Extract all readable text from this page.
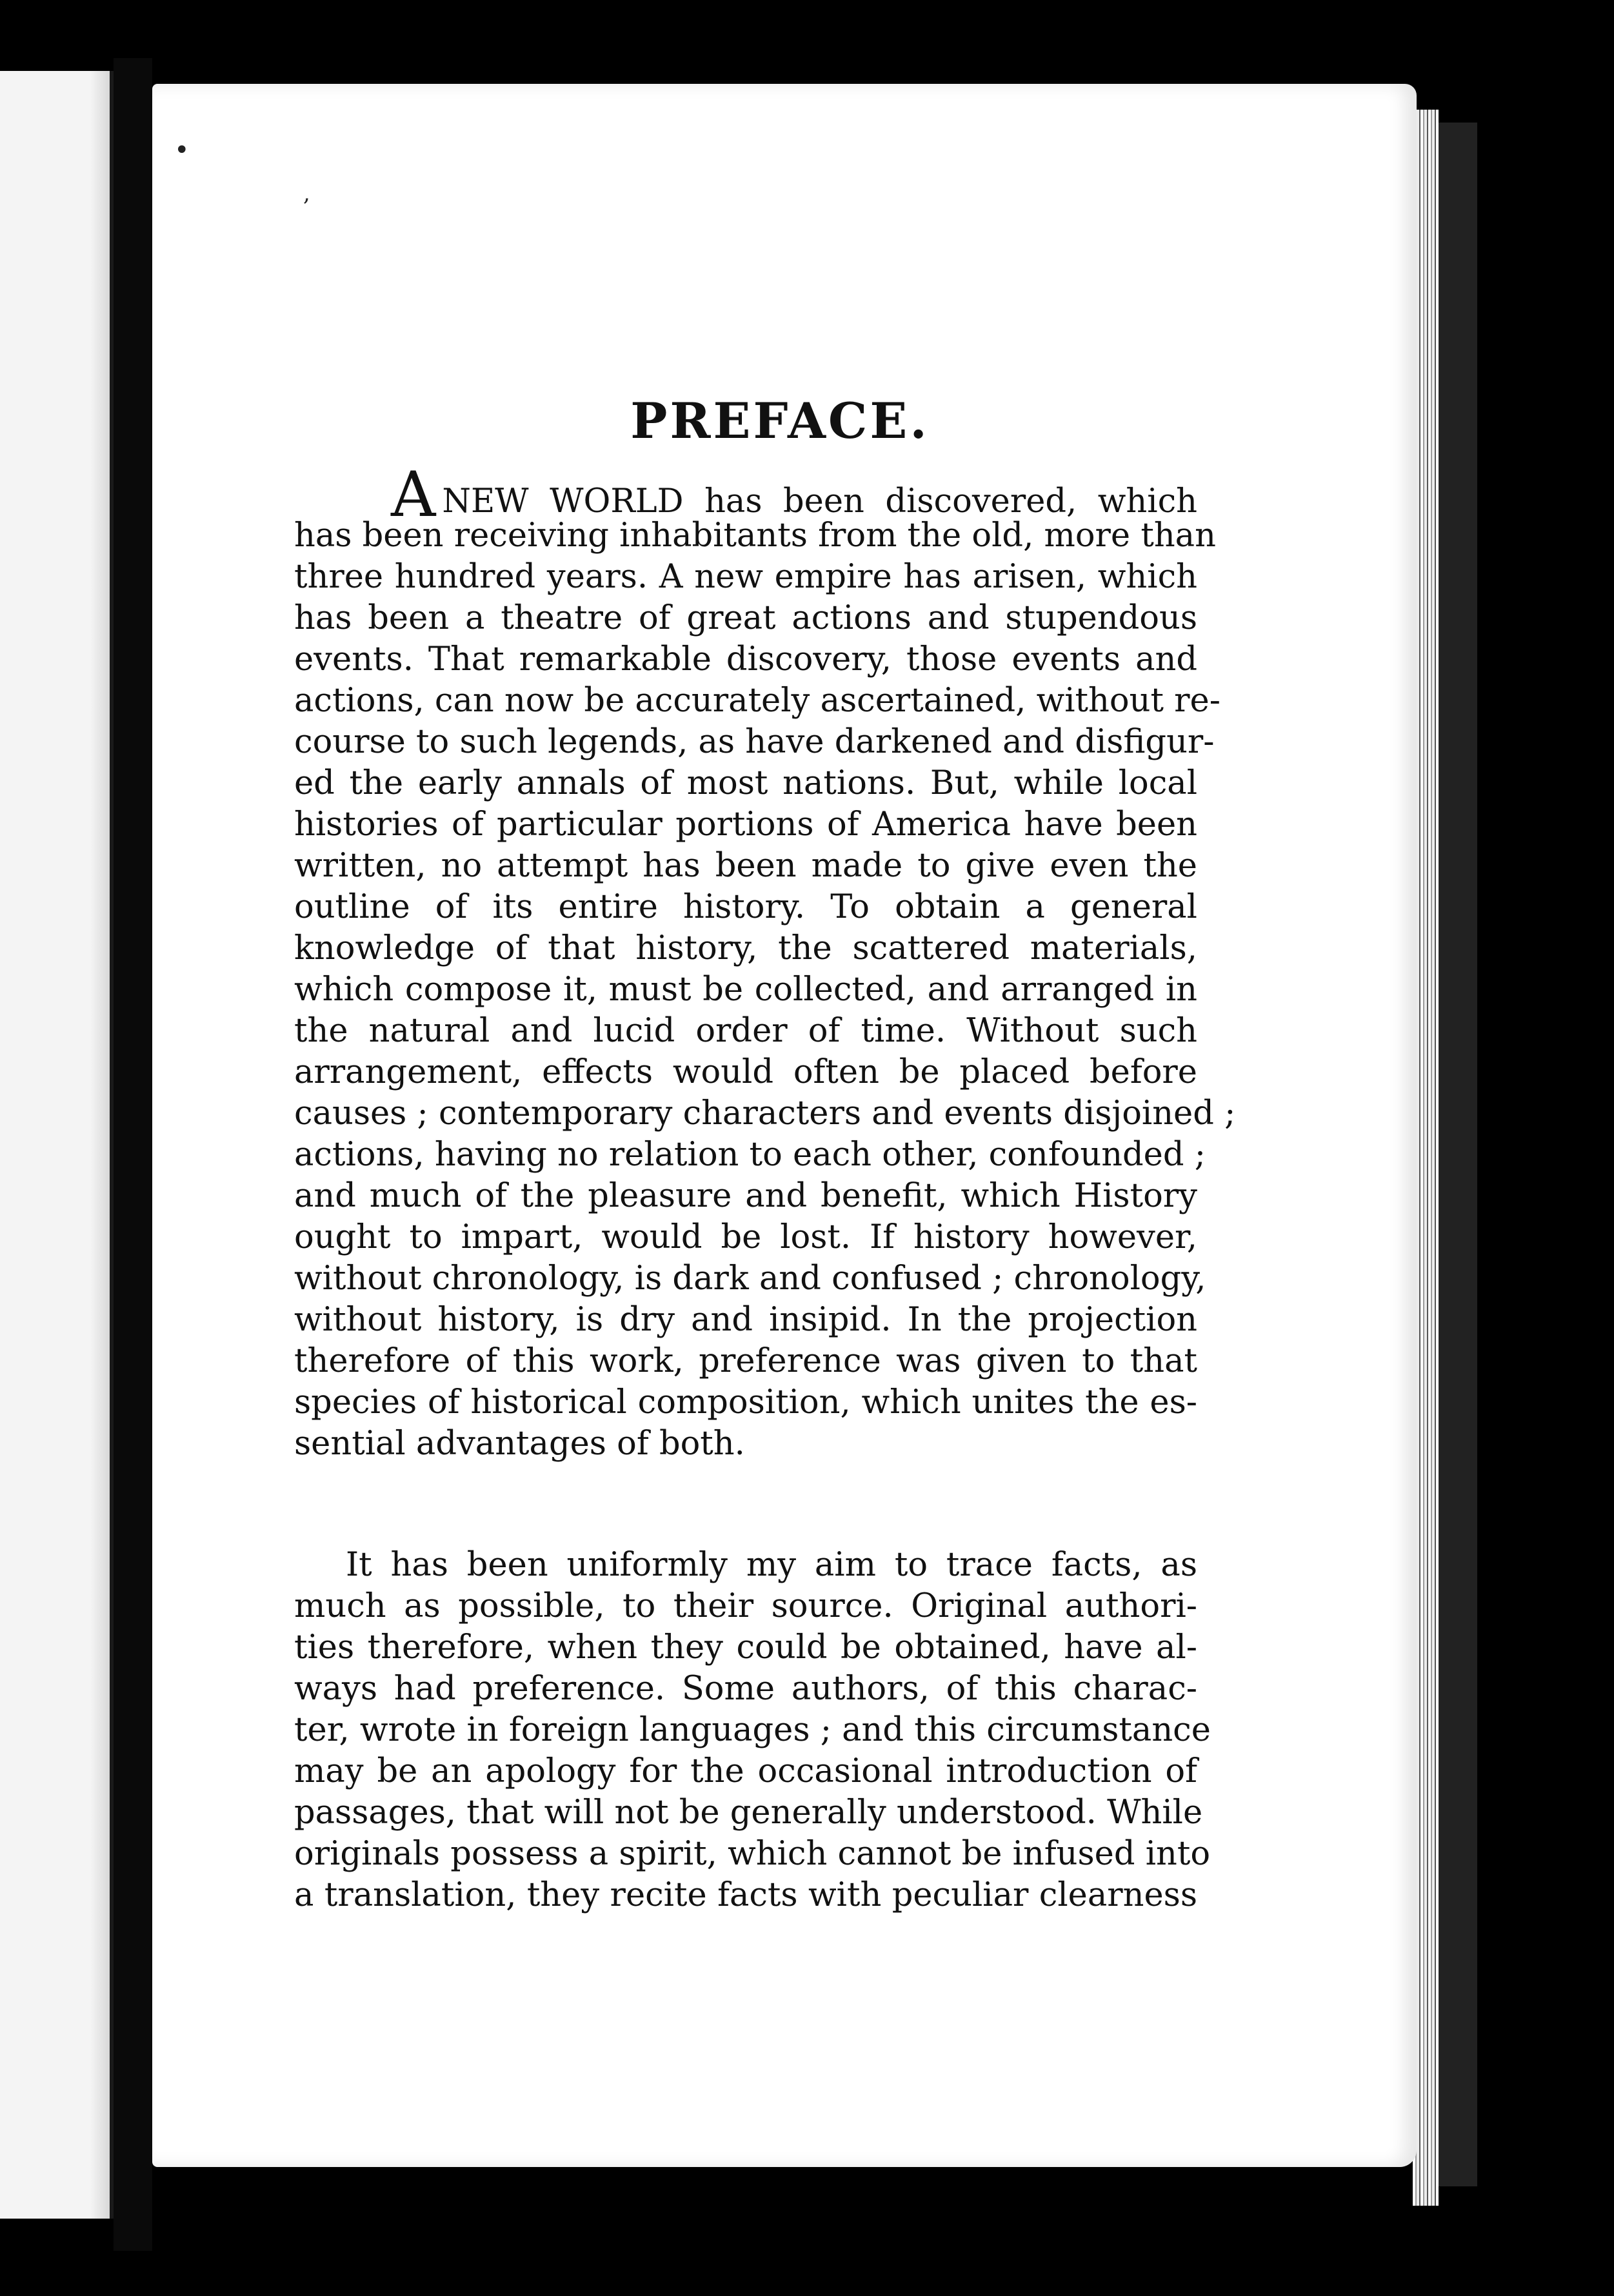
•
,
PREFACE.
ANEW WORLD has been discovered, which
has been receiving inhabitants from the old, more than
three hundred years. A new empire has arisen, which
has been a theatre of great actions and stupendous
events. That remarkable discovery, those events and
actions, can now be accurately ascertained, without re-
course to such legends, as have darkened and disfigur-
ed the early annals of most nations. But, while local
histories of particular portions of America have been
written, no attempt has been made to give even the
outline of its entire history. To obtain a general
knowledge of that history, the scattered materials,
which compose it, must be collected, and arranged in
the natural and lucid order of time. Without such
arrangement, effects would often be placed before
causes ; contemporary characters and events disjoined ;
actions, having no relation to each other, confounded ;
and much of the pleasure and benefit, which History
ought to impart, would be lost. If history however,
without chronology, is dark and confused ; chronology,
without history, is dry and insipid. In the projection
therefore of this work, preference was given to that
species of historical composition, which unites the es-
sential advantages of both.
It has been uniformly my aim to trace facts, as
much as possible, to their source. Original authori-
ties therefore, when they could be obtained, have al-
ways had preference. Some authors, of this charac-
ter, wrote in foreign languages ; and this circumstance
may be an apology for the occasional introduction of
passages, that will not be generally understood. While
originals possess a spirit, which cannot be infused into
a translation, they recite facts with peculiar clearness
